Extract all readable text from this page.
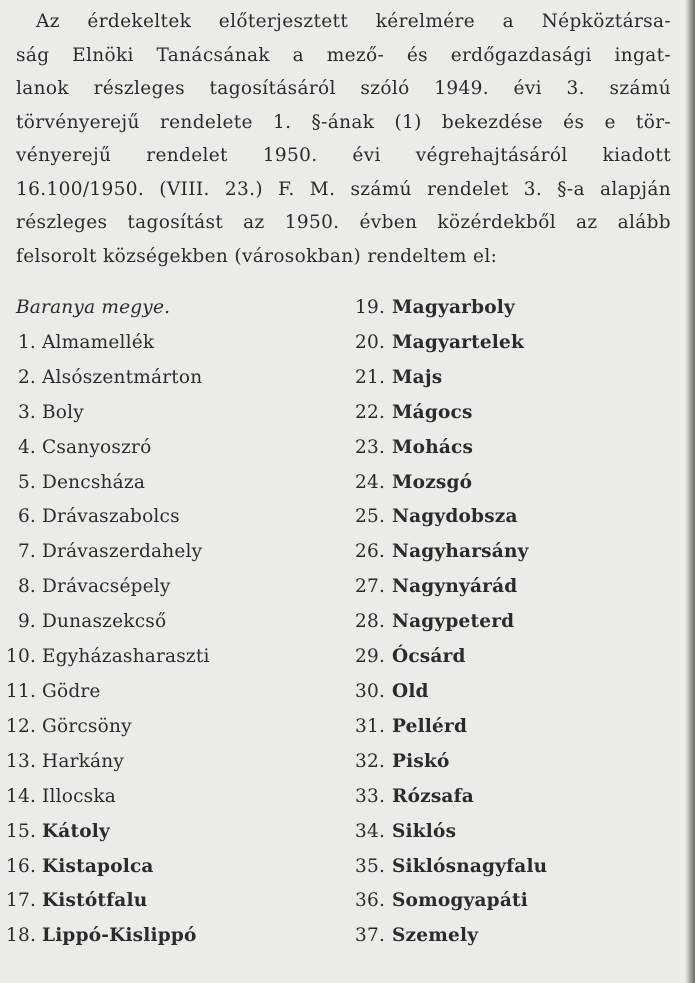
Az érdekeltek előterjesztett kérelmére a Népköztársa-
ság Elnöki Tanácsának a mező- és erdőgazdasági ingat-
lanok részleges tagosításáról szóló 1949. évi 3. számú
törvényerejű rendelete 1. §-ának (1) bekezdése és e tör-
vényerejű rendelet 1950. évi végrehajtásáról kiadott
16.100/1950. (VIII. 23.) F. M. számú rendelet 3. §-a alapján
részleges tagosítást az 1950. évben közérdekből az alább
felsorolt községekben (városokban) rendeltem el:
Baranya megye.
1. Almamellék
2. Alsószentmárton
3. Boly
4. Csanyoszró
5. Dencsháza
6. Drávaszabolcs
7. Drávaszerdahely
8. Drávacsépely
9. Dunaszekcső
10. Egyházasharaszti
11. Gödre
12. Görcsöny
13. Harkány
14. Illocska
15. Kátoly
16. Kistapolca
17. Kistótfalu
18. Lippó-Kislippó
19. Magyarboly
20. Magyartelek
21. Majs
22. Mágocs
23. Mohács
24. Mozsgó
25. Nagydobsza
26. Nagyharsány
27. Nagynyárád
28. Nagypeterd
29. Ócsárd
30. Old
31. Pellérd
32. Piskó
33. Rózsafa
34. Siklós
35. Siklósnagyfalu
36. Somogyapáti
37. Szemely
